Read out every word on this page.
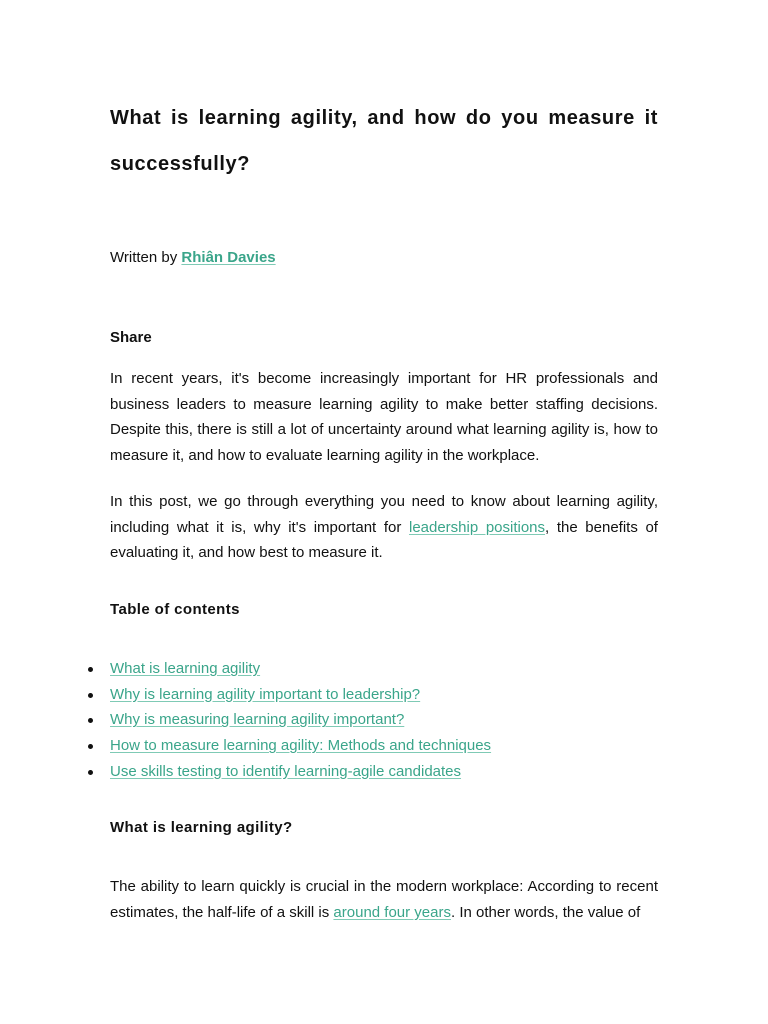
What is learning agility, and how do you measure it successfully?
Written by Rhiân Davies
Share

In recent years, it's become increasingly important for HR professionals and business leaders to measure learning agility to make better staffing decisions. Despite this, there is still a lot of uncertainty around what learning agility is, how to measure it, and how to evaluate learning agility in the workplace.

In this post, we go through everything you need to know about learning agility, including what it is, why it's important for leadership positions, the benefits of evaluating it, and how best to measure it.

Table of contents
What is learning agility
Why is learning agility important to leadership?
Why is measuring learning agility important?
How to measure learning agility: Methods and techniques
Use skills testing to identify learning-agile candidates
What is learning agility?

The ability to learn quickly is crucial in the modern workplace: According to recent estimates, the half-life of a skill is around four years. In other words, the value of
